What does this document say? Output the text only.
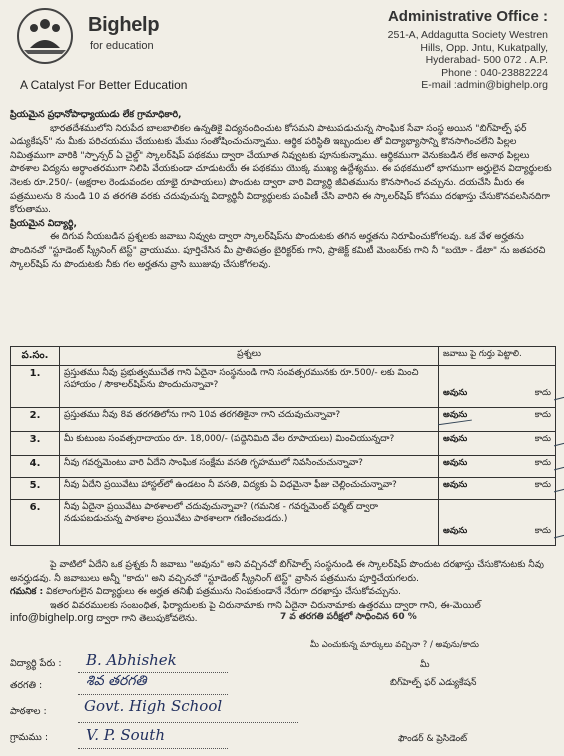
Bighelp
for education
A Catalyst For Better Education
Administrative Office :
251-A, Addagutta Society Westren
Hills, Opp. Jntu, Kukatpally,
Hyderabad- 500 072 . A.P.
Phone : 040-23882224
E-mail :admin@bighelp.org

ప్రియమైన ప్రధానోపాధ్యాయుడు లేక గ్రామాధికారి,

భారతదేశములోని నిరుపేద బాలబాలికల ఉన్నతికై విద్యనందించుట కోసమని పాటుపడుచున్న సాంఘిక సేవా సంస్థ అయిన "బిగ్‌హెల్ప్ ఫర్ ఎడ్యుకేషన్" ను మీకు పరిచయము చేయుటకు మేము సంతోషించుచున్నాము. ఆర్థిక పరిస్థితి ఇబ్బందుల తో విద్యాభ్యాసాన్ని కొనసాగించలేని పిల్లల నిమిత్తముగా వారికి "స్పాన్సర్ ఏ చైల్డ్" స్కాలర్‌షిప్ పథకము ద్వారా చేయూత నివ్వుటకు పూనుకున్నాము. ఆర్థికముగా వెనుకబడిన లేక అనాథ పిల్లలు పాఠశాల విద్యను అర్ధాంతరముగా నిలిపి వేయకుండా చూడుటయే ఈ పథకము యొక్క ముఖ్య ఉద్దేశ్యము. ఈ పథకములో భాగముగా అర్హులైన విద్యార్థులకు నెలకు రూ.250/- (అక్షరాల రెండువందల యాభై రూపాయలు) పొందుట ద్వారా వారి విద్యార్ధి జీవితమును కొనసాగించ వచ్చును. దయచేసి మీరు ఈ పత్రములను 8 నుండి 10 వ తరగతి వరకు చదువుచున్న విద్యార్థినీ విద్యార్థులకు పంపిణీ చేసి వారిని ఈ స్కాలర్‌షిప్ కోసము దరఖాస్తు చేసుకొనవలసినదిగా కోరుతాము.

ప్రియమైన విద్యార్థి,

ఈ దిగువ నీయబడిన ప్రశ్నలకు జవాబు నివ్వుట ద్వారా స్కాలర్‌షిప్‌ను పొందుటకు తగిన అర్హతను నిరూపించుకోగలవు. ఒక వేళ అర్హతను పొందినచో "స్టూడెంట్ స్క్రీనింగ్ టెస్ట్" వ్రాయుము. పూర్తిచేసిన మీ ప్రాతిపత్రం బైరిక్టర్‌కు గాని, ప్రాజెక్ట్ కమిటీ మెంబర్‌కు గాని నీ "బయో - డేటా" ను జతపరచి స్కాలర్‌షిప్ ను పొందుటకు నీకు గల అర్హతను వ్రాసి ఋజువు చేసుకోగలవు.

ప.సం.	ప్రశ్నలు	జవాబు పై గుర్తు పెట్టాలి.
1.	ప్రస్తుతము నీవు ప్రభుత్వముచేత గాని ఏదైనా సంస్థనుండి గాని సంవత్సరమునకు రూ.500/- లకు మించి సహాయం / సౌకాలర్‌షిప్‌ను పొందుచున్నావా?	అవును కాదు

2.	ప్రస్తుతము నీవు 8వ తరగతిలోను గాని 10వ తరగతికైనా గాని చదువుచున్నావా?	అవును కాదు

3.	మీ కుటుంబ సంవత్సరాదాయం రూ. 18,000/- (పద్దెనిమిది వేల రూపాయలు) మించియున్నదా?	అవును కాదు

4.	నీవు గవర్నమెంటు వారి ఏదేని సాంఘిక సంక్షేమ వసతి గృహములో నివసించుచున్నావా?	అవును కాదు

5.	నీవు ఏదేని ప్రయివేటు హాస్టల్‌లో ఉండటం నీ వసతి, విద్యకు ఏ విధమైనా ఫీజు చెల్లించుచున్నావా?	అవును కాదు

6.	నీవు ఏదైనా ప్రయివేటు పాఠశాలలో చదువుచున్నావా? (గమనిక - గవర్నమెంట్ పర్మిట్ ద్వారా నడుపబడుచున్న పాఠశాల ప్రయివేటు పాఠశాలగా గణించబడదు.)	అవును కాదు

పై వాటిలో ఏదేని ఒక ప్రశ్నకు నీ జవాబు "అవును" అని వచ్చినచో బిగ్‌హెల్ప్ సంస్థనుండి ఈ స్కాలర్‌షిప్ పొందుట దరఖాస్తు చేసుకొనుటకు నీవు అనర్హుడవు. నీ జవాబులు అన్నీ "కాదు" అని వచ్చినచో "స్టూడెంట్ స్క్రీనింగ్ టెస్ట్" వ్రాసిన పత్రమును పూర్తిచేయగలరు.

గమనిక : వికలాంగులైన విద్యార్థులు ఈ అర్హత తనిఖీ పత్రమును నింపకుండానే నేరుగా దరఖాస్తు చేసుకోవచ్చును.

ఇతర వివరములకు సంబంధిత, ఫిర్యాదులకు పై చిరునామాకు గాని ఏదైనా చిరునామాకు ఉత్తరము ద్వారా గాని, ఈ-మెయిల్

info@bighelp.org ద్వారా గాని తెలుపుకోవలెను.	7 వ తరగతి పరీక్షలో సాధించిన 60 %
మీ ఎంచుకున్న మార్కులు వచ్చినా ? / అవును/కాదు
విద్యార్థి పేరు : B. Abhishek
తరగతి :	శివ తరగతి
పాఠశాల : Govt. High School
గ్రామము :	V. P. South
మీ
బిగ్‌హెల్ప్ ఫర్ ఎడ్యుకేషన్
ఫౌండర్ & ప్రెసిడెంట్
